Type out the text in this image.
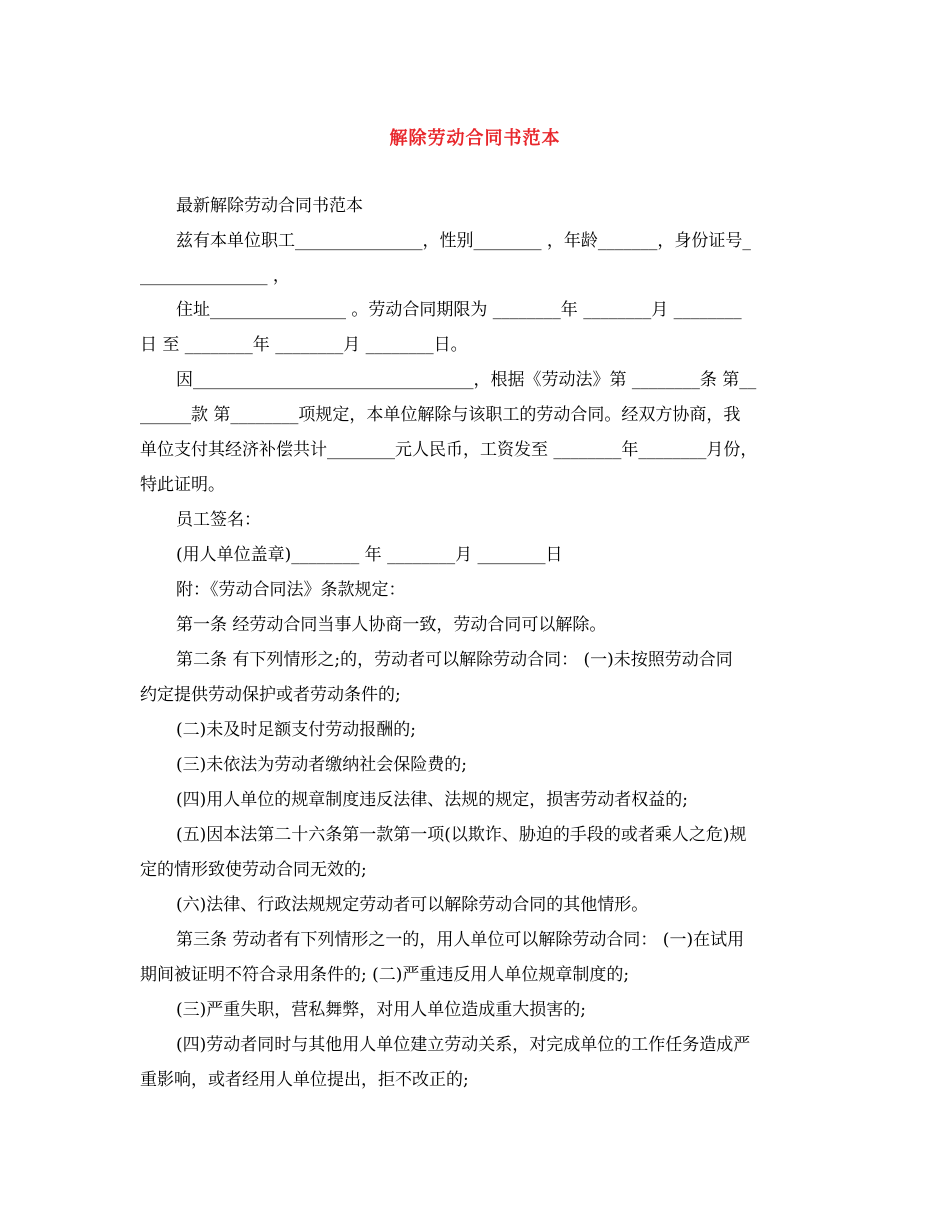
解除劳动合同书范本
最新解除劳动合同书范本
兹有本单位职工_______________，性别________ ，年龄_______，身份证号_
_______________ ，
住址________________ 。劳动合同期限为 ________年 ________月 ________
日 至 ________年 ________月 ________日。
因_________________________________，根据《劳动法》第 ________条 第__
______款 第________项规定，本单位解除与该职工的劳动合同。经双方协商，我
单位支付其经济补偿共计________元人民币，工资发至 ________年________月份，
特此证明。
员工签名：
(用人单位盖章)________ 年 ________月 ________日
附：《劳动合同法》条款规定：
第一条 经劳动合同当事人协商一致，劳动合同可以解除。
第二条 有下列情形之;的，劳动者可以解除劳动合同： (一)未按照劳动合同
约定提供劳动保护或者劳动条件的;
(二)未及时足额支付劳动报酬的;
(三)未依法为劳动者缴纳社会保险费的;
(四)用人单位的规章制度违反法律、法规的规定，损害劳动者权益的;
(五)因本法第二十六条第一款第一项(以欺诈、胁迫的手段的或者乘人之危)规
定的情形致使劳动合同无效的;
(六)法律、行政法规规定劳动者可以解除劳动合同的其他情形。
第三条 劳动者有下列情形之一的，用人单位可以解除劳动合同： (一)在试用
期间被证明不符合录用条件的; (二)严重违反用人单位规章制度的;
(三)严重失职，营私舞弊，对用人单位造成重大损害的;
(四)劳动者同时与其他用人单位建立劳动关系，对完成单位的工作任务造成严
重影响，或者经用人单位提出，拒不改正的;
